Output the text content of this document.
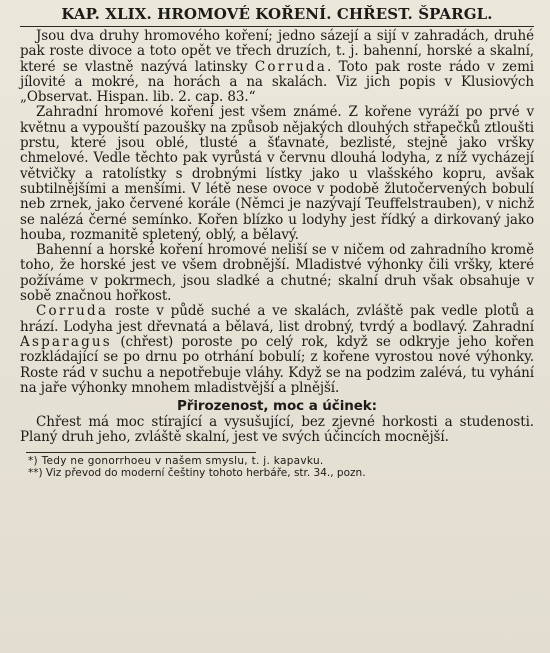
KAP. XLIX. HROMOVÉ KOŘENÍ. CHŘEST. ŠPARGL.

Jsou dva druhy hromového koření; jedno sázejí a sijí v zahradách, druhé pak roste divoce a toto opět ve třech druzích, t. j. bahenní, horské a skalní, které se vlastně nazývá latinsky Corruda. Toto pak roste rádo v zemi jílovité a mokré, na horách a na skalách. Viz jich popis v Klusiových „Observat. Hispan. lib. 2. cap. 83.“

Zahradní hromové koření jest všem známé. Z kořene vyráží po prvé v květnu a vypouští pazoušky na způsob nějakých dlouhých střapečků ztloušti prstu, které jsou oblé, tlusté a šťavnaté, bezlisté, stejně jako vršky chmelové. Vedle těchto pak vyrůstá v červnu dlouhá lodyha, z níž vycházejí větvičky a ratolístky s drobnými lístky jako u vlašského kopru, avšak subtilnějšími a menšími. V létě nese ovoce v podobě žlutočervených bobulí neb zrnek, jako červené korále (Němci je nazývají Teuffelstrauben), v nichž se nalézá černé semínko. Kořen blízko u lodyhy jest řídký a dirkovaný jako houba, rozmanitě spletený, oblý, a bělavý.

Bahenní a horské koření hromové neliší se v ničem od zahradního kromě toho, že horské jest ve všem drobnější. Mladistvé výhonky čili vršky, které požíváme v pokrmech, jsou sladké a chutné; skalní druh však obsahuje v sobě značnou hořkost.

Corruda roste v půdě suché a ve skalách, zvláště pak vedle plotů a hrází. Lodyha jest dřevnatá a bělavá, list drobný, tvrdý a bodlavý. Zahradní Asparagus (chřest) poroste po celý rok, když se odkryje jeho kořen rozkládající se po drnu po otrhání bobulí; z kořene vyrostou nové výhonky. Roste rád v suchu a nepotřebuje vláhy. Když se na podzim zalévá, tu vyhání na jaře výhonky mnohem mladistvější a plnější.

Přirozenost, moc a účinek:

Chřest má moc stírající a vysušující, bez zjevné horkosti a studenosti. Planý druh jeho, zvláště skalní, jest ve svých účincích mocnější.

*) Tedy ne gonorrhoeu v našem smyslu, t. j. kapavku.
**) Viz převod do moderní češtiny tohoto herbáře, str. 34., pozn.
